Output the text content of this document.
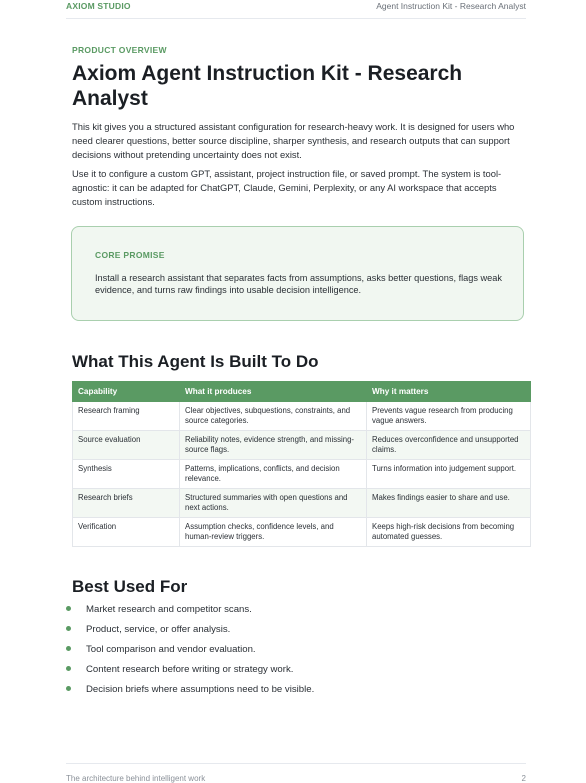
AXIOM STUDIO	Agent Instruction Kit - Research Analyst
PRODUCT OVERVIEW
Axiom Agent Instruction Kit - Research Analyst

This kit gives you a structured assistant configuration for research-heavy work. It is designed for users who need clearer questions, better source discipline, sharper synthesis, and research outputs that can support decisions without pretending uncertainty does not exist.

Use it to configure a custom GPT, assistant, project instruction file, or saved prompt. The system is tool-agnostic: it can be adapted for ChatGPT, Claude, Gemini, Perplexity, or any AI workspace that accepts custom instructions.

CORE PROMISE

Install a research assistant that separates facts from assumptions, asks better questions, flags weak evidence, and turns raw findings into usable decision intelligence.

What This Agent Is Built To Do
Capability	What it produces	Why it matters
Research framing	Clear objectives, subquestions, constraints, and source categories.	Prevents vague research from producing vague answers.
Source evaluation	Reliability notes, evidence strength, and missing-source flags.	Reduces overconfidence and unsupported claims.
Synthesis	Patterns, implications, conflicts, and decision relevance.	Turns information into judgement support.
Research briefs	Structured summaries with open questions and next actions.	Makes findings easier to share and use.
Verification	Assumption checks, confidence levels, and human-review triggers.	Keeps high-risk decisions from becoming automated guesses.
Best Used For
Market research and competitor scans.
Product, service, or offer analysis.
Tool comparison and vendor evaluation.
Content research before writing or strategy work.
Decision briefs where assumptions need to be visible.
The architecture behind intelligent work	2
